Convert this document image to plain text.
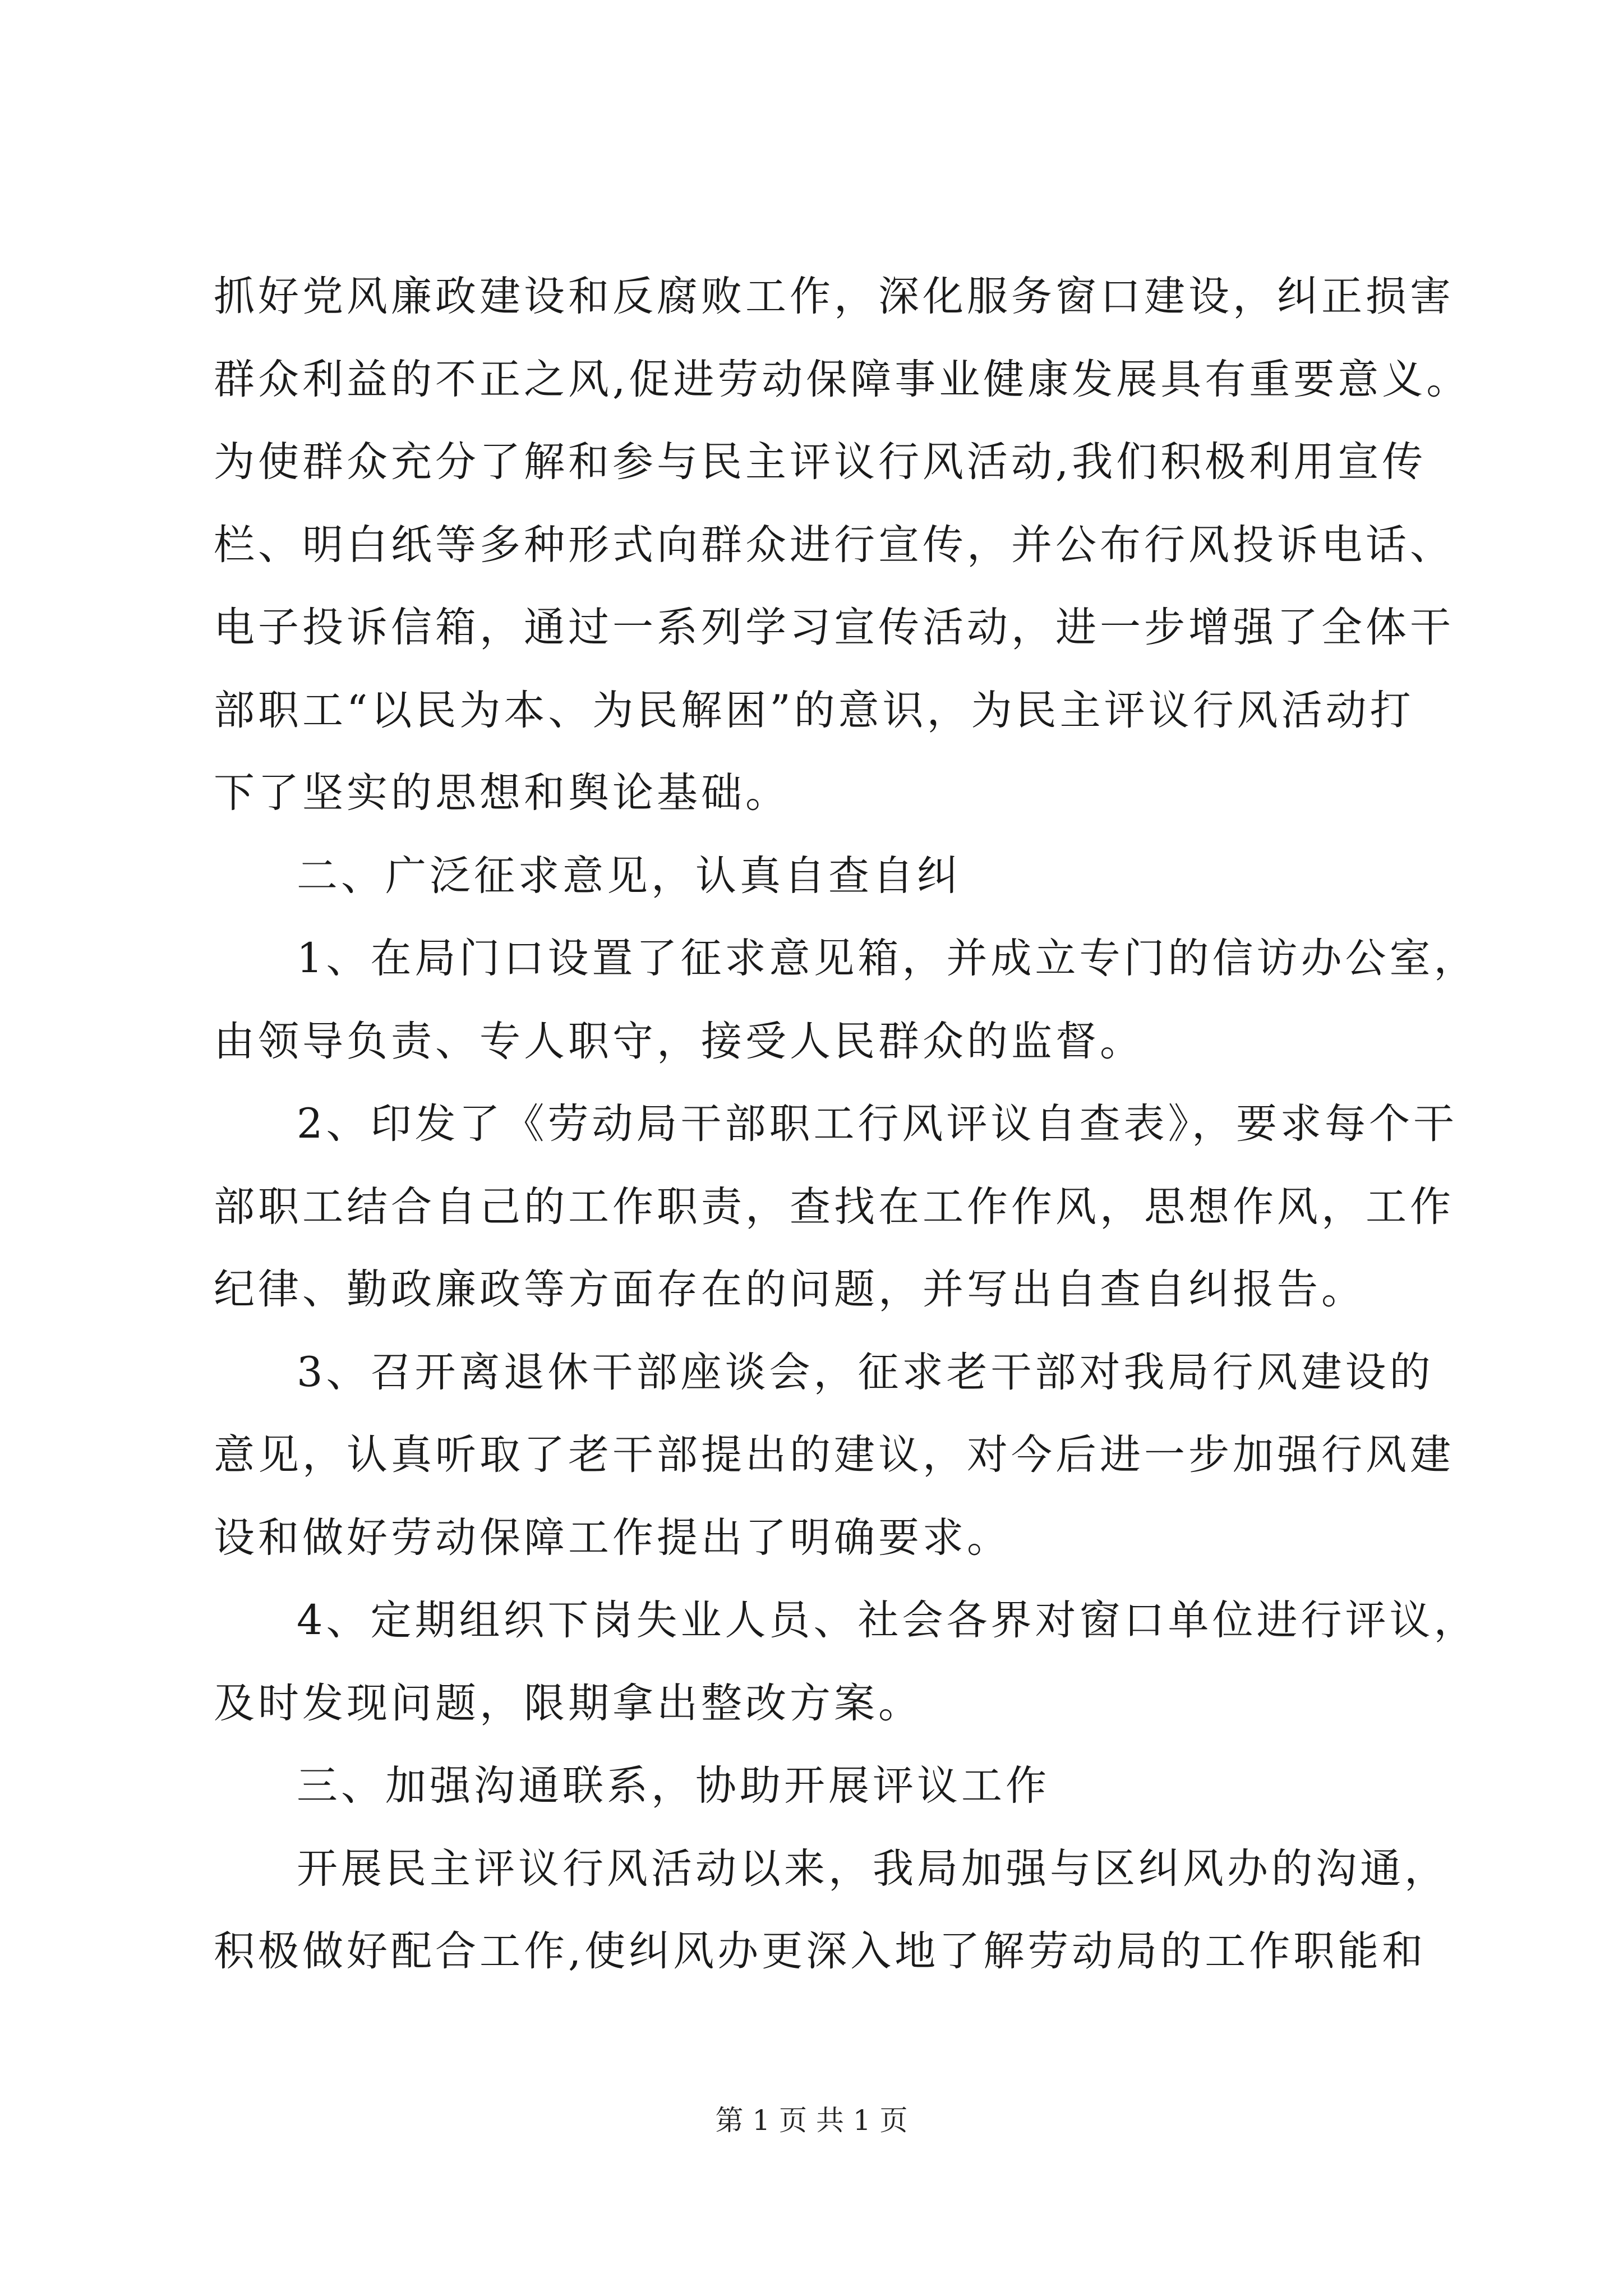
抓好党风廉政建设和反腐败工作，深化服务窗口建设，纠正损害
群众利益的不正之风,促进劳动保障事业健康发展具有重要意义。
为使群众充分了解和参与民主评议行风活动,我们积极利用宣传
栏、明白纸等多种形式向群众进行宣传，并公布行风投诉电话、
电子投诉信箱，通过一系列学习宣传活动，进一步增强了全体干
部职工“以民为本、为民解困”的意识，为民主评议行风活动打
下了坚实的思想和舆论基础。
二、广泛征求意见，认真自查自纠
1、在局门口设置了征求意见箱，并成立专门的信访办公室，
由领导负责、专人职守，接受人民群众的监督。
2、印发了《劳动局干部职工行风评议自查表》，要求每个干
部职工结合自己的工作职责，查找在工作作风，思想作风，工作
纪律、勤政廉政等方面存在的问题，并写出自查自纠报告。
3、召开离退休干部座谈会，征求老干部对我局行风建设的
意见，认真听取了老干部提出的建议，对今后进一步加强行风建
设和做好劳动保障工作提出了明确要求。
4、定期组织下岗失业人员、社会各界对窗口单位进行评议，
及时发现问题，限期拿出整改方案。
三、加强沟通联系，协助开展评议工作
开展民主评议行风活动以来，我局加强与区纠风办的沟通，
积极做好配合工作,使纠风办更深入地了解劳动局的工作职能和
第 1 页 共 1 页
